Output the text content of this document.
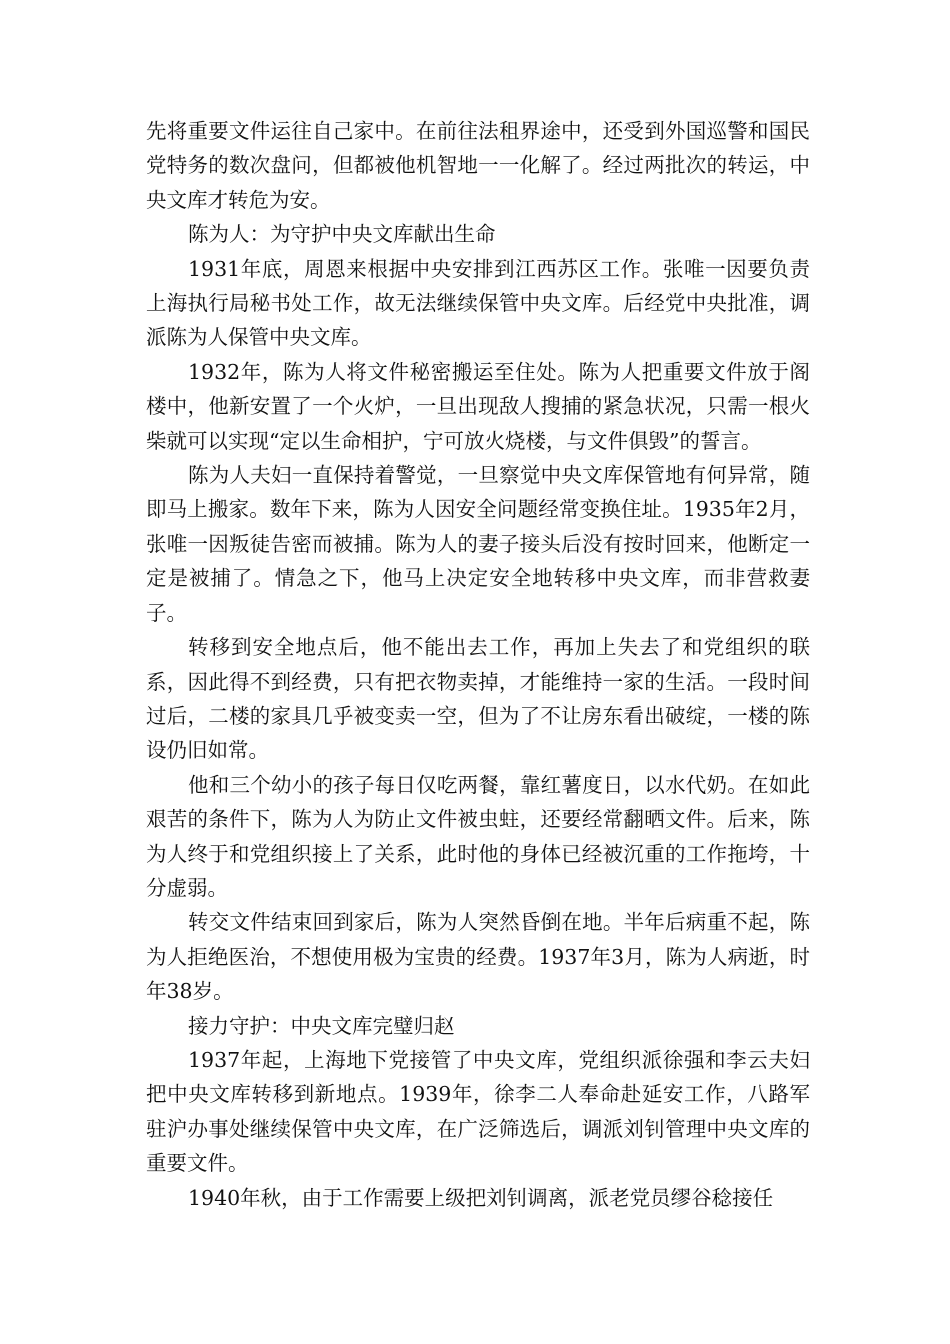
先将重要文件运往自己家中。在前往法租界途中，还受到外国巡警和国民党特务的数次盘问，但都被他机智地一一化解了。经过两批次的转运，中央文库才转危为安。

陈为人：为守护中央文库献出生命

1931年底，周恩来根据中央安排到江西苏区工作。张唯一因要负责上海执行局秘书处工作，故无法继续保管中央文库。后经党中央批准，调派陈为人保管中央文库。

1932年，陈为人将文件秘密搬运至住处。陈为人把重要文件放于阁楼中，他新安置了一个火炉，一旦出现敌人搜捕的紧急状况，只需一根火柴就可以实现“定以生命相护，宁可放火烧楼，与文件俱毁”的誓言。

陈为人夫妇一直保持着警觉，一旦察觉中央文库保管地有何异常，随即马上搬家。数年下来，陈为人因安全问题经常变换住址。1935年2月，张唯一因叛徒告密而被捕。陈为人的妻子接头后没有按时回来，他断定一定是被捕了。情急之下，他马上决定安全地转移中央文库，而非营救妻子。

转移到安全地点后，他不能出去工作，再加上失去了和党组织的联系，因此得不到经费，只有把衣物卖掉，才能维持一家的生活。一段时间过后，二楼的家具几乎被变卖一空，但为了不让房东看出破绽，一楼的陈设仍旧如常。

他和三个幼小的孩子每日仅吃两餐，靠红薯度日，以水代奶。在如此艰苦的条件下，陈为人为防止文件被虫蛀，还要经常翻晒文件。后来，陈为人终于和党组织接上了关系，此时他的身体已经被沉重的工作拖垮，十分虚弱。

转交文件结束回到家后，陈为人突然昏倒在地。半年后病重不起，陈为人拒绝医治，不想使用极为宝贵的经费。1937年3月，陈为人病逝，时年38岁。

接力守护：中央文库完璧归赵

1937年起，上海地下党接管了中央文库，党组织派徐强和李云夫妇把中央文库转移到新地点。1939年，徐李二人奉命赴延安工作，八路军驻沪办事处继续保管中央文库，在广泛筛选后，调派刘钊管理中央文库的重要文件。

1940年秋，由于工作需要上级把刘钊调离，派老党员缪谷稔接任
